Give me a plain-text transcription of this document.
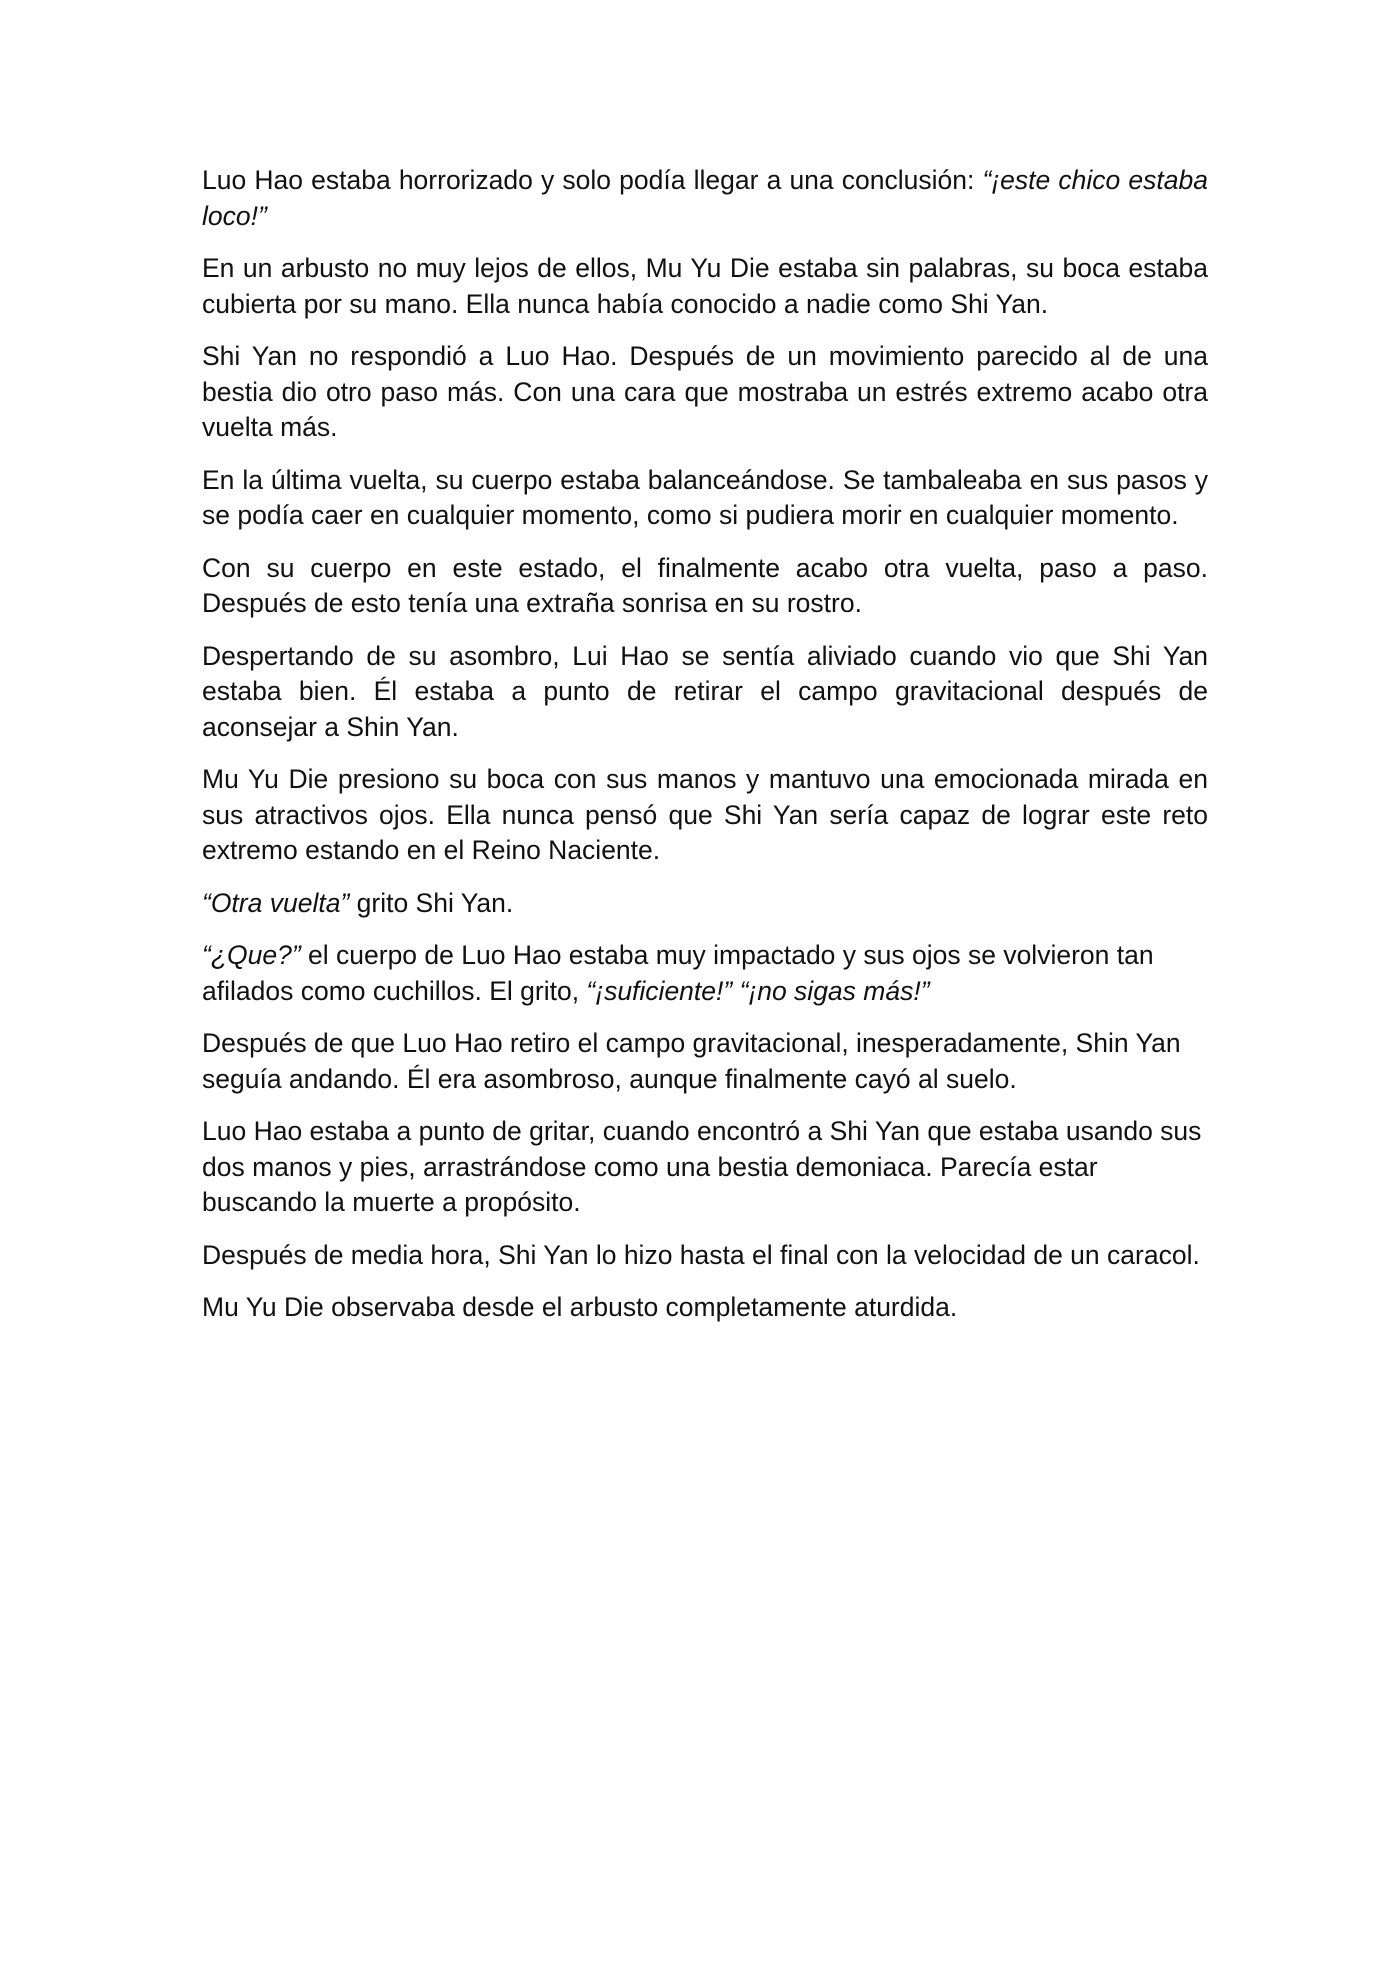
Luo Hao estaba horrorizado y solo podía llegar a una conclusión: “¡este chico estaba loco!”

En un arbusto no muy lejos de ellos, Mu Yu Die estaba sin palabras, su boca estaba cubierta por su mano. Ella nunca había conocido a nadie como Shi Yan.

Shi Yan no respondió a Luo Hao. Después de un movimiento parecido al de una bestia dio otro paso más. Con una cara que mostraba un estrés extremo acabo otra vuelta más.

En la última vuelta, su cuerpo estaba balanceándose. Se tambaleaba en sus pasos y se podía caer en cualquier momento, como si pudiera morir en cualquier momento.

Con su cuerpo en este estado, el finalmente acabo otra vuelta, paso a paso. Después de esto tenía una extraña sonrisa en su rostro.

Despertando de su asombro, Lui Hao se sentía aliviado cuando vio que Shi Yan estaba bien. Él estaba a punto de retirar el campo gravitacional después de aconsejar a Shin Yan.

Mu Yu Die presiono su boca con sus manos y mantuvo una emocionada mirada en sus atractivos ojos. Ella nunca pensó que Shi Yan sería capaz de lograr este reto extremo estando en el Reino Naciente.

“Otra vuelta” grito Shi Yan.

“¿Que?” el cuerpo de Luo Hao estaba muy impactado y sus ojos se volvieron tan afilados como cuchillos. El grito, “¡suficiente!” “¡no sigas más!”

Después de que Luo Hao retiro el campo gravitacional, inesperadamente, Shin Yan seguía andando. Él era asombroso, aunque finalmente cayó al suelo.

Luo Hao estaba a punto de gritar, cuando encontró a Shi Yan que estaba usando sus dos manos y pies, arrastrándose como una bestia demoniaca. Parecía estar buscando la muerte a propósito.

Después de media hora, Shi Yan lo hizo hasta el final con la velocidad de un caracol.

Mu Yu Die observaba desde el arbusto completamente aturdida.
